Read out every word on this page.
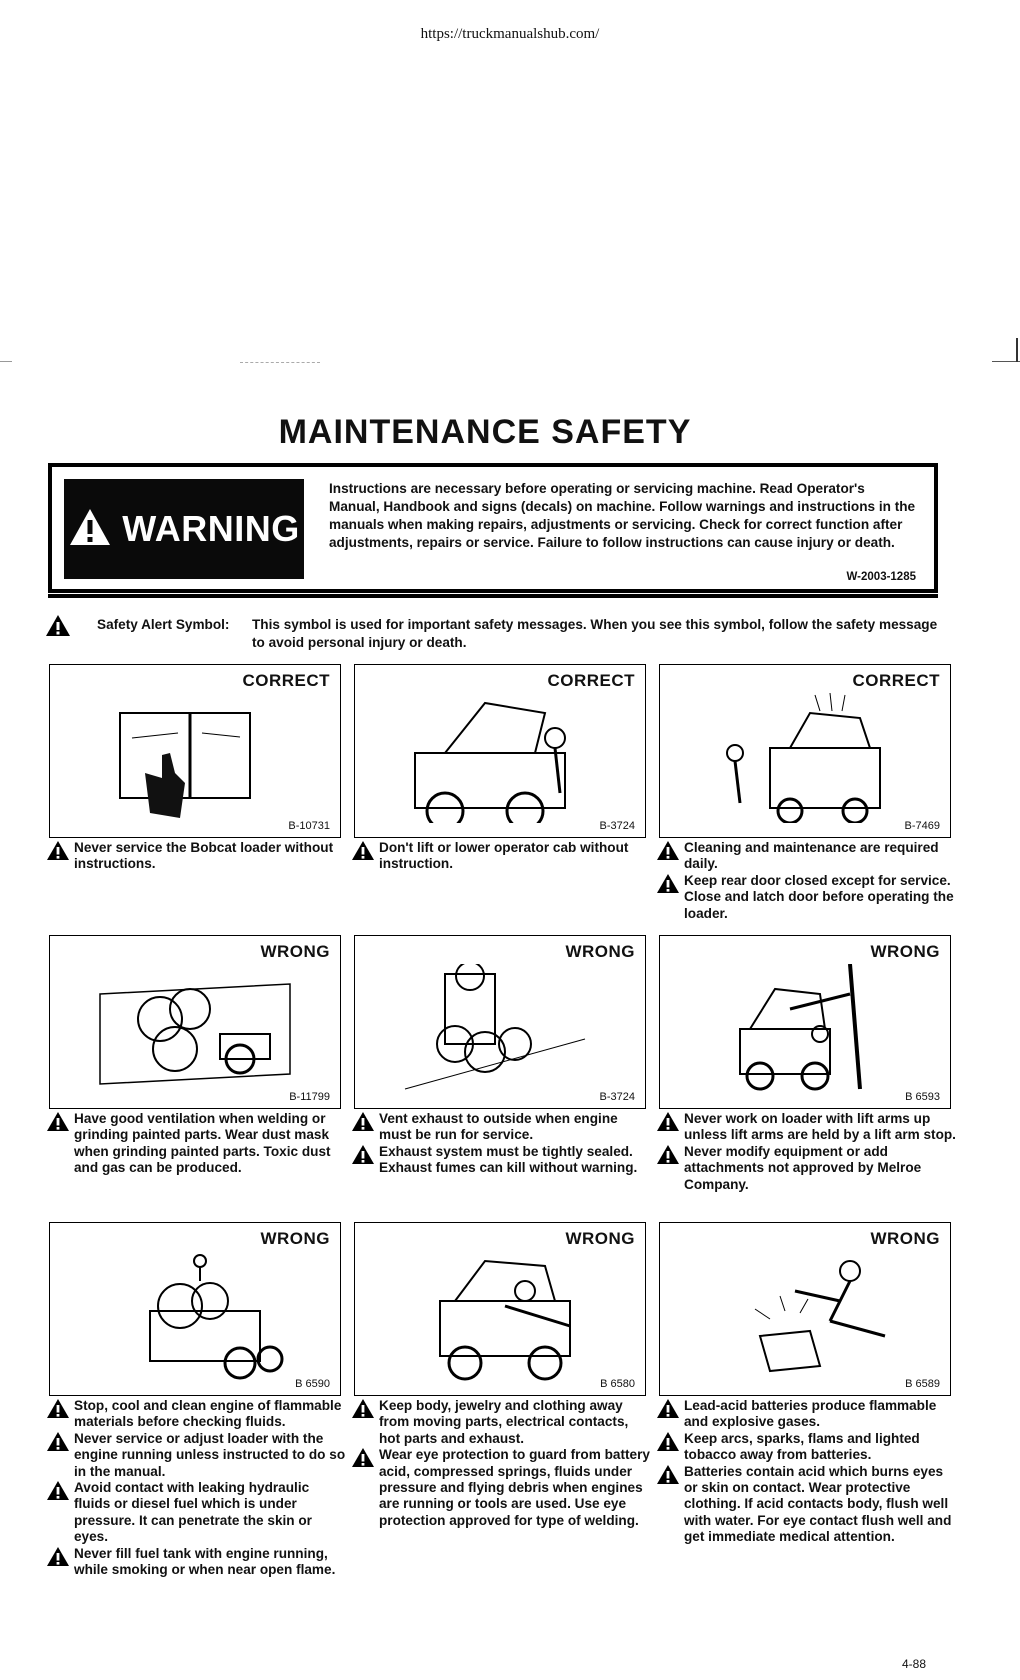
https://truckmanualshub.com/
MAINTENANCE SAFETY
WARNING
Instructions are necessary before operating or servicing machine. Read Operator's Manual, Handbook and signs (decals) on machine. Follow warnings and instructions in the manuals when making repairs, adjustments or servicing. Check for correct function after adjustments, repairs or service. Failure to follow instructions can cause injury or death.
W-2003-1285
Safety Alert Symbol: This symbol is used for important safety messages. When you see this symbol, follow the safety message to avoid personal injury or death.
CORRECT
B-10731
Never service the Bobcat loader without instructions.
CORRECT
B-3724
Don't lift or lower operator cab without instruction.
CORRECT
B-7469
Cleaning and maintenance are required daily.
Keep rear door closed except for service. Close and latch door before operating the loader.
WRONG
B-11799
Have good ventilation when welding or grinding painted parts. Wear dust mask when grinding painted parts. Toxic dust and gas can be produced.
WRONG
B-3724
Vent exhaust to outside when engine must be run for service.
Exhaust system must be tightly sealed. Exhaust fumes can kill without warning.
WRONG
B 6593
Never work on loader with lift arms up unless lift arms are held by a lift arm stop.
Never modify equipment or add attachments not approved by Melroe Company.
WRONG
B 6590
Stop, cool and clean engine of flammable materials before checking fluids.
Never service or adjust loader with the engine running unless instructed to do so in the manual.
Avoid contact with leaking hydraulic fluids or diesel fuel which is under pressure. It can penetrate the skin or eyes.
Never fill fuel tank with engine running, while smoking or when near open flame.
WRONG
B 6580
Keep body, jewelry and clothing away from moving parts, electrical contacts, hot parts and exhaust.
Wear eye protection to guard from battery acid, compressed springs, fluids under pressure and flying debris when engines are running or tools are used. Use eye protection approved for type of welding.
WRONG
B 6589
Lead-acid batteries produce flammable and explosive gases.
Keep arcs, sparks, flams and lighted tobacco away from batteries.
Batteries contain acid which burns eyes or skin on contact. Wear protective clothing. If acid contacts body, flush well with water. For eye contact flush well and get immediate medical attention.
4-88
